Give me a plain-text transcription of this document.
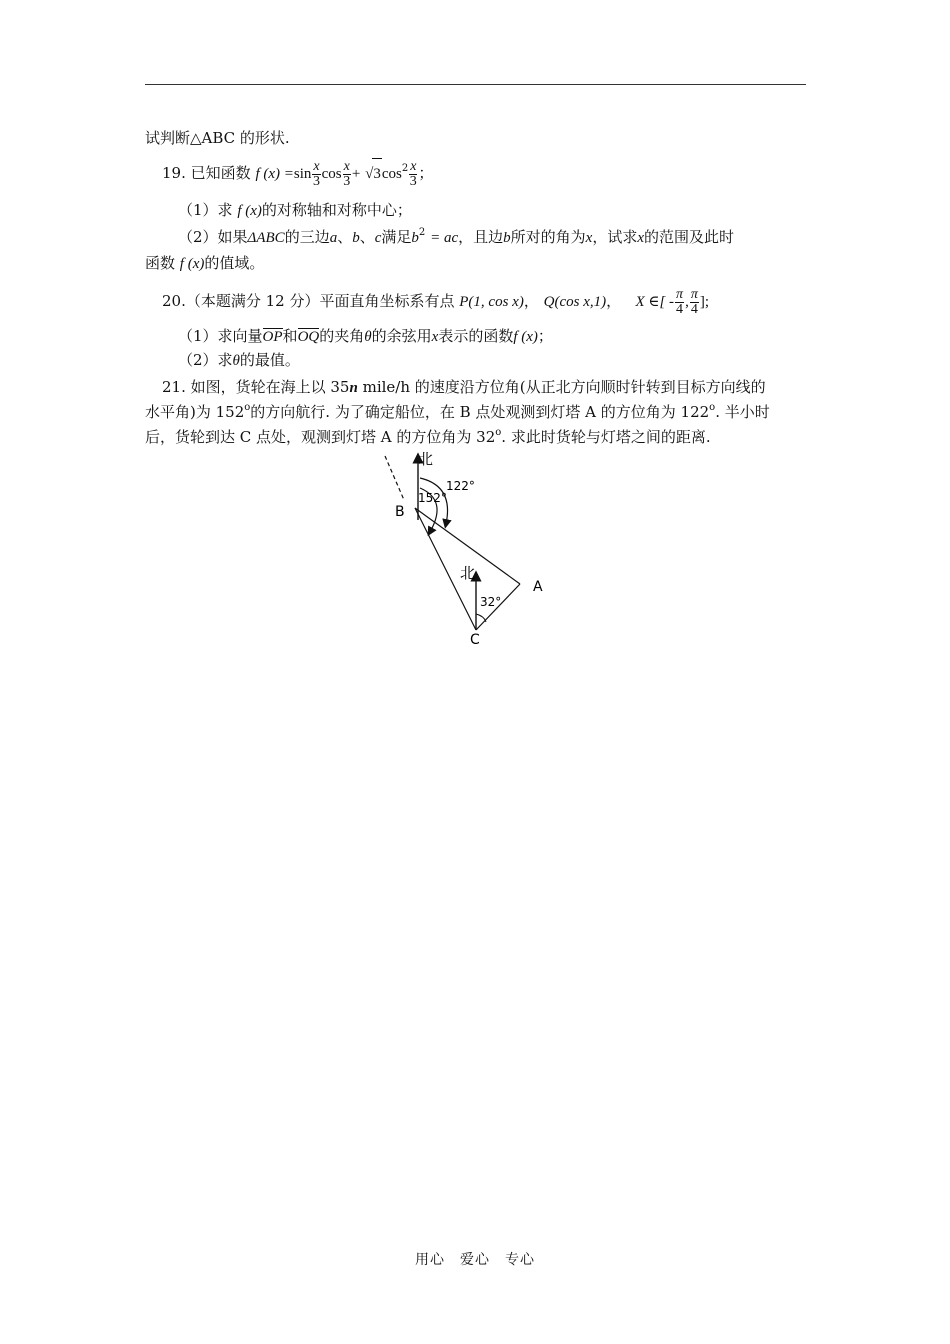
试判断△ABC 的形状.
19. 已知函数 f $(x) =\sin \frac{x}{3}$ $\cos \frac{x}{3} + √3\cos^2 \frac{x}{3}$ ；
（1）求 f (x)的对称轴和对称中心；
（2）如果ΔABC的三边a、b、c满足$b^2$ = ac，且边b所对的角为x，试求x的范围及此时
函数 f (x)的值域。
20.（本题满分 12 分）平面直角坐标系有点 P(1, cos x)， Q(cos x,1)， X ∈[ - $\frac{\pi}{4}$ , $\frac{\pi}{4}$ ];
（1）求向量OP和OQ的夹角θ的余弦用x表示的函数f (x)；
（2）求θ的最值。
21. 如图，货轮在海上以 35n mile/h 的速度沿方位角(从正北方向顺时针转到目标方向线的
水平角)为 152$^o$的方向航行. 为了确定船位，在 B 点处观测到灯塔 A 的方位角为 122$^o$. 半小时
后，货轮到达 C 点处，观测到灯塔 A 的方位角为 32$^o$. 求此时货轮与灯塔之间的距离.
北
122°
152°
B
北
32°
A
C
用心　爱心　专心
